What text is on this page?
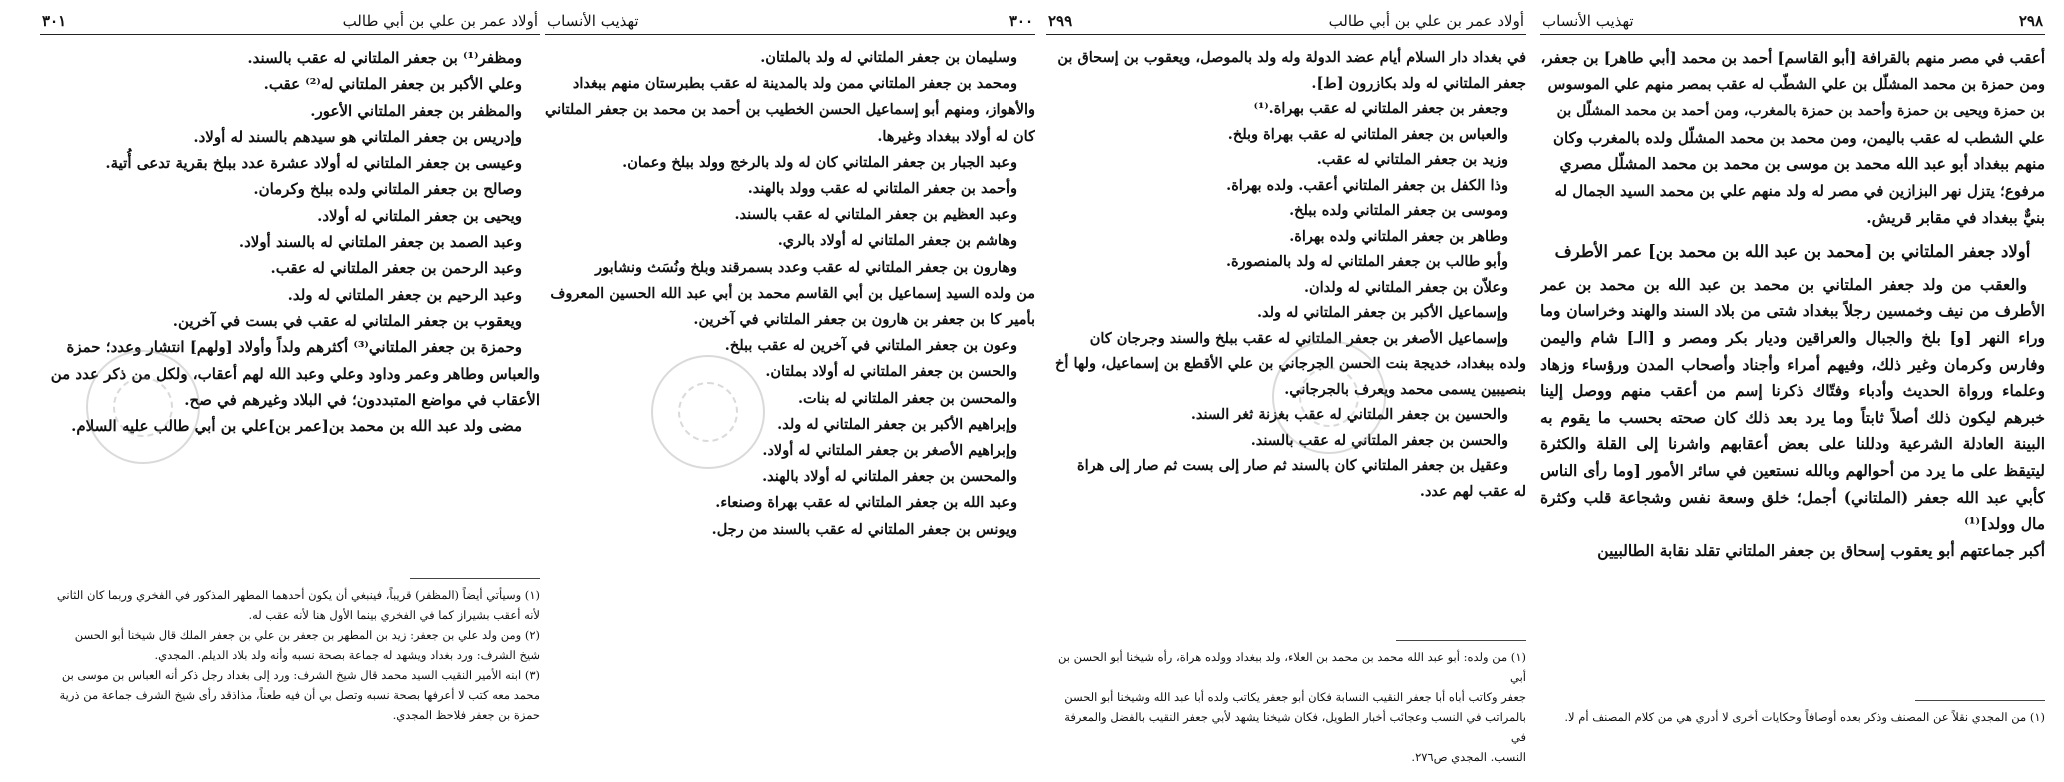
٢٩٨
تهذيب الأنساب

أعقب في مصر منهم بالقرافة [أبو القاسم] أحمد بن محمد [أبي طاهر] بن جعفر،

ومن حمزة بن محمد المشلّل بن علي الشطّب له عقب بمصر منهم علي الموسوس

بن حمزة ويحيى بن حمزة وأحمد بن حمزة بالمغرب، ومن أحمد بن محمد المشلّل بن

علي الشطب له عقب باليمن، ومن محمد بن محمد المشلّل ولده بالمغرب وكان

منهم ببغداد أبو عبد الله محمد بن موسى بن محمد بن محمد المشلّل مصري

مرفوع؛ يتزل نهر البزازين في مصر له ولد منهم علي بن محمد السيد الجمال له

بنيٌّ ببغداد في مقابر قريش.

أولاد جعفر الملتاني بن [محمد بن عبد الله بن محمد بن] عمر الأطرف

والعقب من ولد جعفر الملتاني بن محمد بن عبد الله بن محمد بن عمر الأطرف من نيف وخمسين رجلاً ببغداد شتى من بلاد السند والهند وخراسان وما وراء النهر [و] بلخ والجبال والعراقين وديار بكر ومصر و [الـ] شام واليمن وفارس وكرمان وغير ذلك، وفيهم أمراء وأجناد وأصحاب المدن ورؤساء وزهاد وعلماء ورواة الحديث وأدباء وفتّاك ذكرنا إسم من أعقب منهم ووصل إلينا خبرهم ليكون ذلك أصلاً ثابتاً وما يرد بعد ذلك كان صحته بحسب ما يقوم به البينة العادلة الشرعية ودللنا على بعض أعقابهم واشرنا إلى القلة والكثرة ليتيقظ على ما يرد من أحوالهم وبالله نستعين في سائر الأمور [وما رأى الناس كأبي عبد الله جعفر (الملتاني) أجمل؛ خلق وسعة نفس وشجاعة قلب وكثرة مال وولد]⁽¹⁾

أكبر جماعتهم أبو يعقوب إسحاق بن جعفر الملتاني تقلد نقابة الطالبيين

(١) من المجدي نقلاً عن المصنف وذكر بعده أوصافاً وحكايات أخرى لا أدري هي من كلام المصنف أم لا.

٢٩٩	أولاد عمر بن علي بن أبي طالب

في بغداد دار السلام أيام عضد الدولة وله ولد بالموصل، ويعقوب بن إسحاق بن

جعفر الملتاني له ولد بكازرون [ط].

وجعفر بن جعفر الملتاني له عقب بهراة.⁽¹⁾

والعباس بن جعفر الملتاني له عقب بهراة وبلخ.

وزيد بن جعفر الملتاني له عقب.

وذا الكفل بن جعفر الملتاني أعقب. ولده بهراة.

وموسى بن جعفر الملتاني ولده ببلخ.

وطاهر بن جعفر الملتاني ولده بهراة.

وأبو طالب بن جعفر الملتاني له ولد بالمنصورة.

وعلاّن بن جعفر الملتاني له ولدان.

وإسماعيل الأكبر بن جعفر الملتاني له ولد.

وإسماعيل الأصغر بن جعفر الملتاني له عقب ببلخ والسند وجرجان كان

ولده ببغداد، خديجة بنت الحسن الجرجاني بن علي الأقطع بن إسماعيل، ولها أخ

بنصيبين يسمى محمد ويعرف بالجرجاني.

والحسين بن جعفر الملتاني له عقب بغزنة ثغر السند.

والحسن بن جعفر الملتاني له عقب بالسند.

وعقيل بن جعفر الملتاني كان بالسند ثم صار إلى بست ثم صار إلى هراة

له عقب لهم عدد.

(١) من ولده: أبو عبد الله محمد بن محمد بن العلاء، ولد ببغداد وولده هراة، رأه شيخنا أبو الحسن بن أبي

جعفر وكاتب أباه أبا جعفر النقيب النسابة فكان أبو جعفر يكاتب ولده أبا عبد الله وشيخنا أبو الحسن

بالمراتب في النسب وعجائب أخبار الطويل، فكان شيخنا يشهد لأبي جعفر النقيب بالفضل والمعرفة في

النسب. المجدي ص٢٧٦.

٣٠٠
تهذيب الأنساب

وسليمان بن جعفر الملتاني له ولد بالملتان.

ومحمد بن جعفر الملتاني ممن ولد بالمدينة له عقب بطبرستان منهم ببغداد

والأهواز، ومنهم أبو إسماعيل الحسن الخطيب بن أحمد بن محمد بن جعفر الملتاني

كان له أولاد ببغداد وغيرها.

وعبد الجبار بن جعفر الملتاني كان له ولد بالرخج وولد ببلخ وعمان.

وأحمد بن جعفر الملتاني له عقب وولد بالهند.

وعبد العظيم بن جعفر الملتاني له عقب بالسند.

وهاشم بن جعفر الملتاني له أولاد بالري.

وهارون بن جعفر الملتاني له عقب وعدد بسمرقند وبلخ ونُسَث ونشابور

من ولده السيد إسماعيل بن أبي القاسم محمد بن أبي عبد الله الحسين المعروف

بأمير كا بن جعفر بن هارون بن جعفر الملتاني في آخرين.

وعون بن جعفر الملتاني في آخرين له عقب ببلخ.

والحسن بن جعفر الملتاني له أولاد بملتان.

والمحسن بن جعفر الملتاني له بنات.

وإبراهيم الأكبر بن جعفر الملتاني له ولد.

وإبراهيم الأصغر بن جعفر الملتاني له أولاد.

والمحسن بن جعفر الملتاني له أولاد بالهند.

وعبد الله بن جعفر الملتاني له عقب بهراة وصنعاء.

ويونس بن جعفر الملتاني له عقب بالسند من رجل.

٣٠١	أولاد عمر بن علي بن أبي طالب

ومظفر⁽¹⁾ بن جعفر الملتاني له عقب بالسند.

وعلي الأكبر بن جعفر الملتاني له⁽²⁾ عقب.

والمظفر بن جعفر الملتاني الأعور.

وإدريس بن جعفر الملتاني هو سيدهم بالسند له أولاد.

وعيسى بن جعفر الملتاني له أولاد عشرة عدد ببلخ بقرية تدعى أُتية.

وصالح بن جعفر الملتاني ولده ببلخ وكرمان.

ويحيى بن جعفر الملتاني له أولاد.

وعبد الصمد بن جعفر الملتاني له بالسند أولاد.

وعبد الرحمن بن جعفر الملتاني له عقب.

وعبد الرحيم بن جعفر الملتاني له ولد.

ويعقوب بن جعفر الملتاني له عقب في بست في آخرين.

وحمزة بن جعفر الملتاني⁽³⁾ أكثرهم ولداً وأولاد [ولهم] انتشار وعدد؛ حمزة

والعباس وطاهر وعمر وداود وعلي وعبد الله لهم أعقاب، ولكل من ذكر عدد من

الأعقاب في مواضع المتبددون؛ في البلاد وغيرهم في صح.

مضى ولد عبد الله بن محمد بن[عمر بن]علي بن أبي طالب عليه السلام.

(١) وسيأتي أيضاً (المظفر) قريباً، فينبغي أن يكون أحدهما المطهر المذكور في الفخري وربما كان الثاني

لأنه أعقب بشيراز كما في الفخري بينما الأول هنا لأنه عقب له.

(٢) ومن ولد علي بن جعفر: زيد بن المطهر بن جعفر بن علي بن جعفر الملك قال شيخنا أبو الحسن

شيخ الشرف: ورد بغداد ويشهد له جماعة بصحة نسبه وأنه ولد بلاد الديلم. المجدي.

(٣) ابنه الأمير النقيب السيد محمد قال شيخ الشرف: ورد إلى بغداد رجل ذكر أنه العباس بن موسى بن

محمد معه كتب لا أعرفها بصحة نسبه وتصل بي أن فيه طعناً، مذاذقد رأى شيخ الشرف جماعة من ذرية

حمزة بن جعفر فلاحظ المجدي.
